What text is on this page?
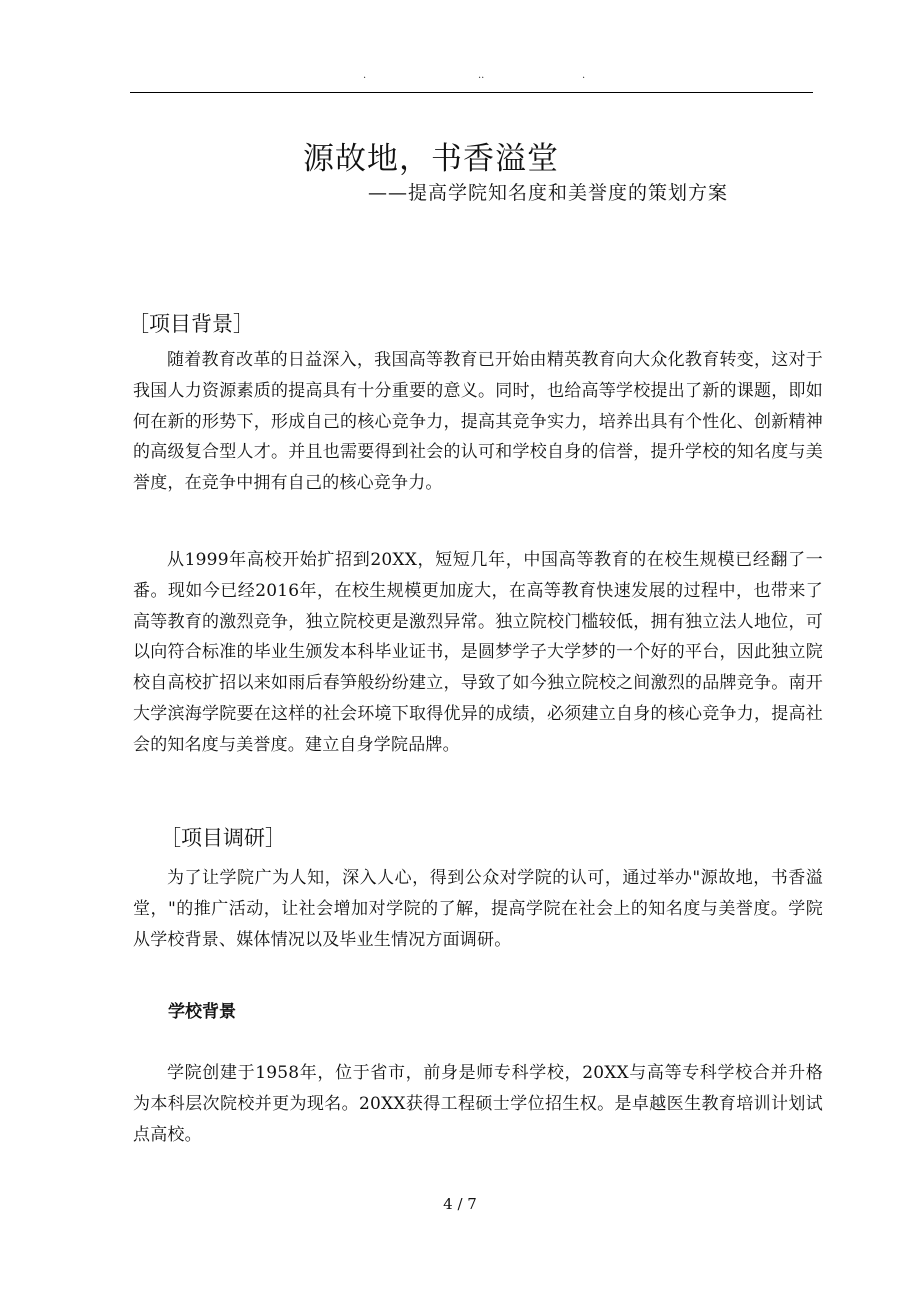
.	..	.
源故地，书香溢堂
——提高学院知名度和美誉度的策划方案
［项目背景］

随着教育改革的日益深入，我国高等教育已开始由精英教育向大众化教育转变，这对于我国人力资源素质的提高具有十分重要的意义。同时，也给高等学校提出了新的课题，即如何在新的形势下，形成自己的核心竞争力，提高其竞争实力，培养出具有个性化、创新精神的高级复合型人才。并且也需要得到社会的认可和学校自身的信誉，提升学校的知名度与美誉度，在竞争中拥有自己的核心竞争力。

从1999年高校开始扩招到20XX，短短几年，中国高等教育的在校生规模已经翻了一番。现如今已经2016年，在校生规模更加庞大，在高等教育快速发展的过程中，也带来了高等教育的激烈竞争，独立院校更是激烈异常。独立院校门槛较低，拥有独立法人地位，可以向符合标准的毕业生颁发本科毕业证书，是圆梦学子大学梦的一个好的平台，因此独立院校自高校扩招以来如雨后春笋般纷纷建立，导致了如今独立院校之间激烈的品牌竞争。南开大学滨海学院要在这样的社会环境下取得优异的成绩，必须建立自身的核心竞争力，提高社会的知名度与美誉度。建立自身学院品牌。

［项目调研］

为了让学院广为人知，深入人心，得到公众对学院的认可，通过举办"源故地，书香溢堂，"的推广活动，让社会增加对学院的了解，提高学院在社会上的知名度与美誉度。学院从学校背景、媒体情况以及毕业生情况方面调研。

学校背景

学院创建于1958年，位于省市，前身是师专科学校，20XX与高等专科学校合并升格为本科层次院校并更为现名。20XX获得工程硕士学位招生权。是卓越医生教育培训计划试点高校。

4 / 7
